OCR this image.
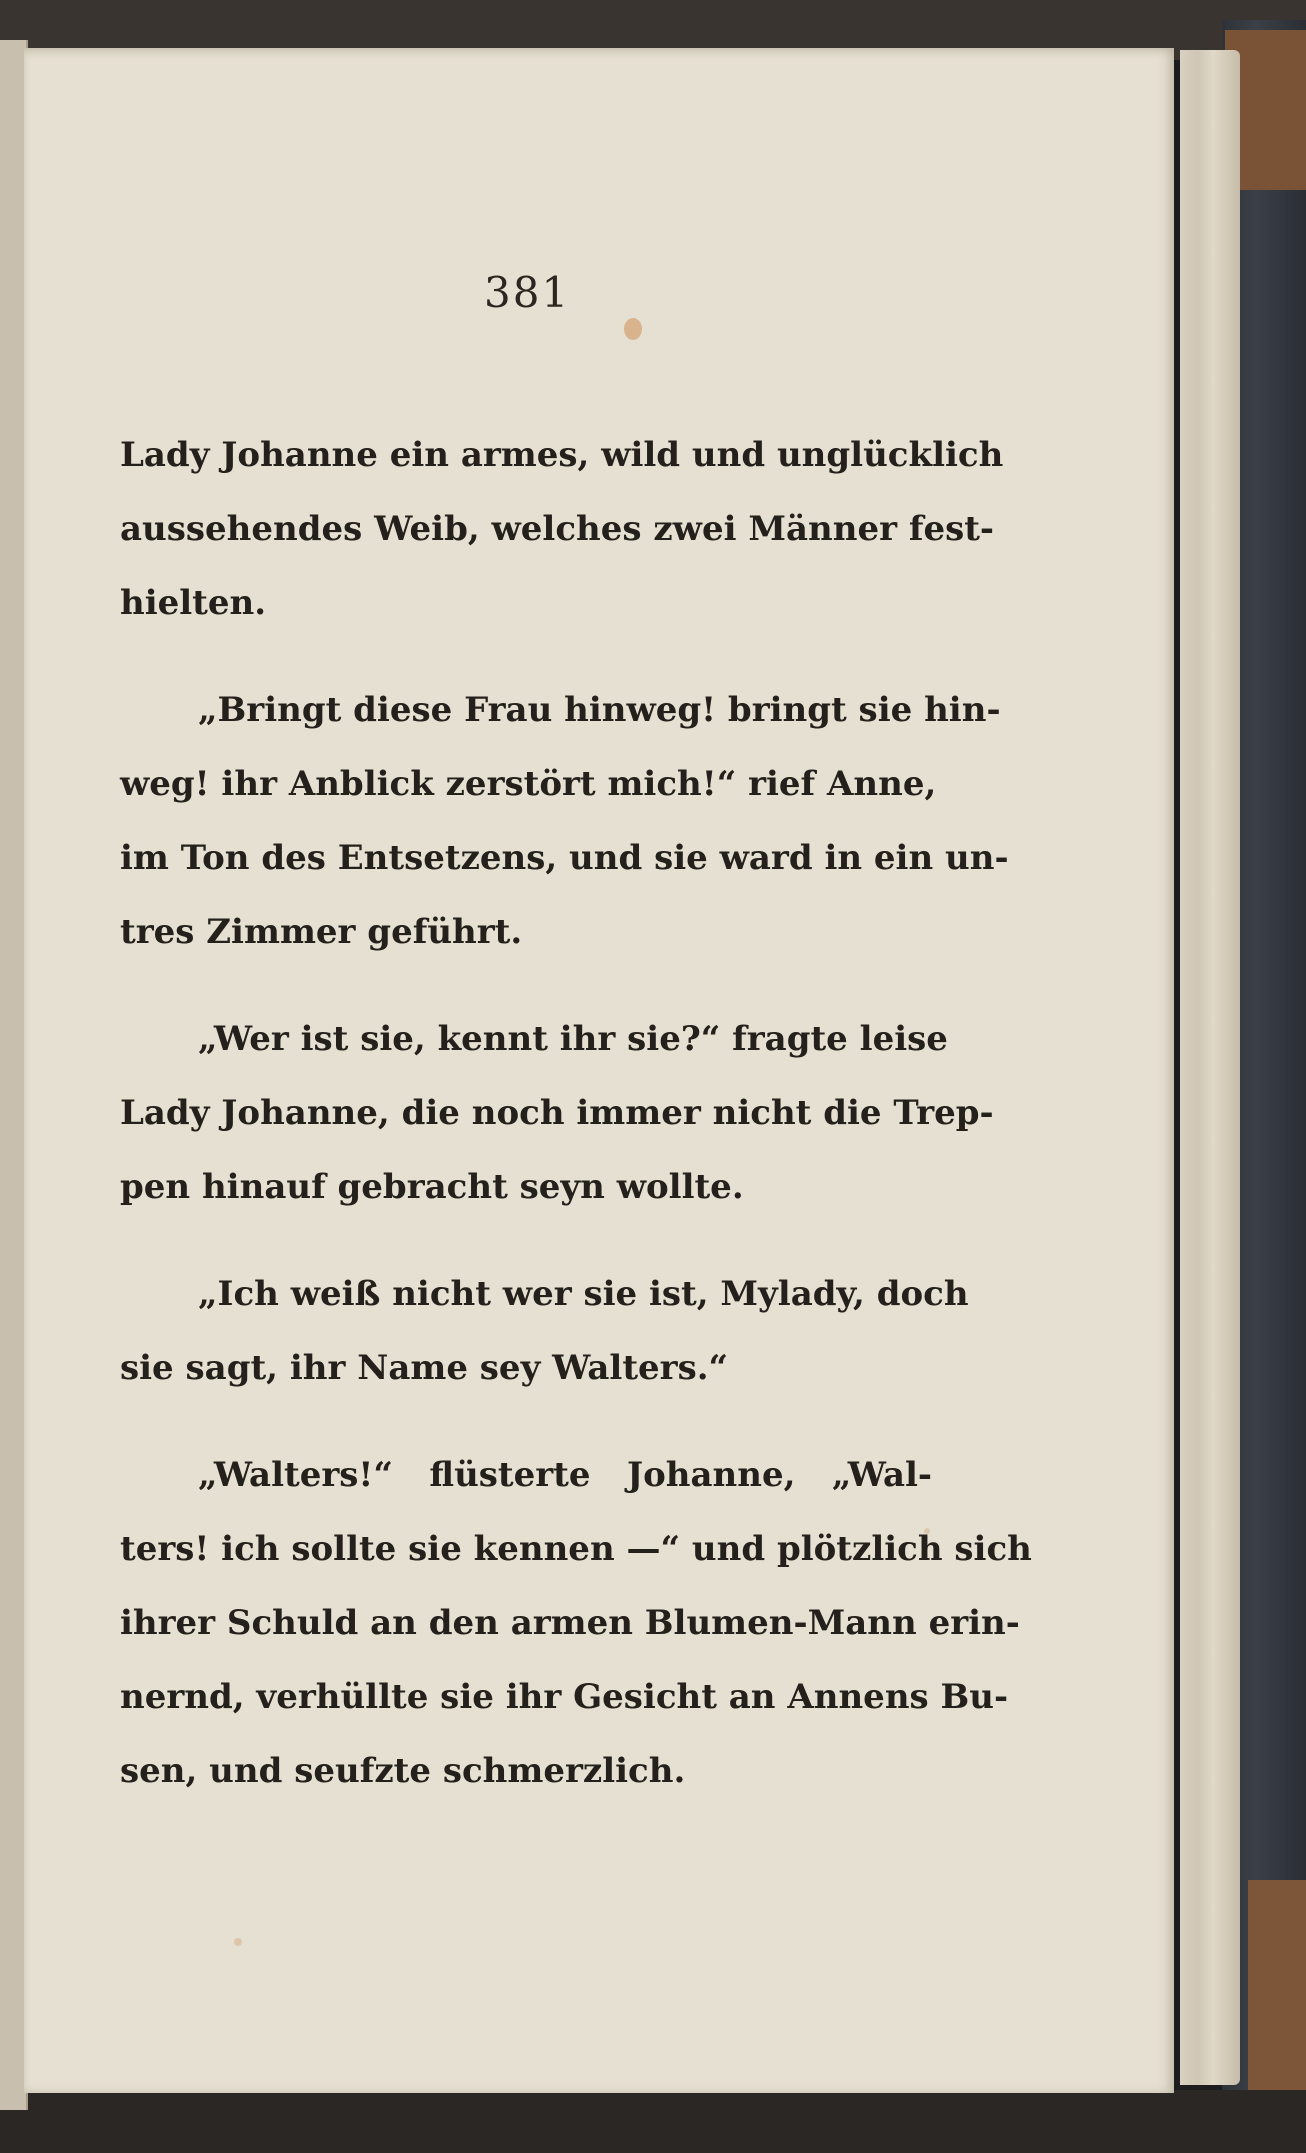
381
Lady Johanne ein armes, wild und unglücklich
aussehendes Weib, welches zwei Männer fest-
hielten.
„Bringt diese Frau hinweg! bringt sie hin-
weg! ihr Anblick zerstört mich!“ rief Anne,
im Ton des Entsetzens, und sie ward in ein un-
tres Zimmer geführt.
„Wer ist sie, kennt ihr sie?“ fragte leise
Lady Johanne, die noch immer nicht die Trep-
pen hinauf gebracht seyn wollte.
„Ich weiß nicht wer sie ist, Mylady, doch
sie sagt, ihr Name sey Walters.“
„Walters!“ flüsterte Johanne, „Wal-
ters! ich sollte sie kennen —“ und plötzlich sich
ihrer Schuld an den armen Blumen-Mann erin-
nernd, verhüllte sie ihr Gesicht an Annens Bu-
sen, und seufzte schmerzlich.
